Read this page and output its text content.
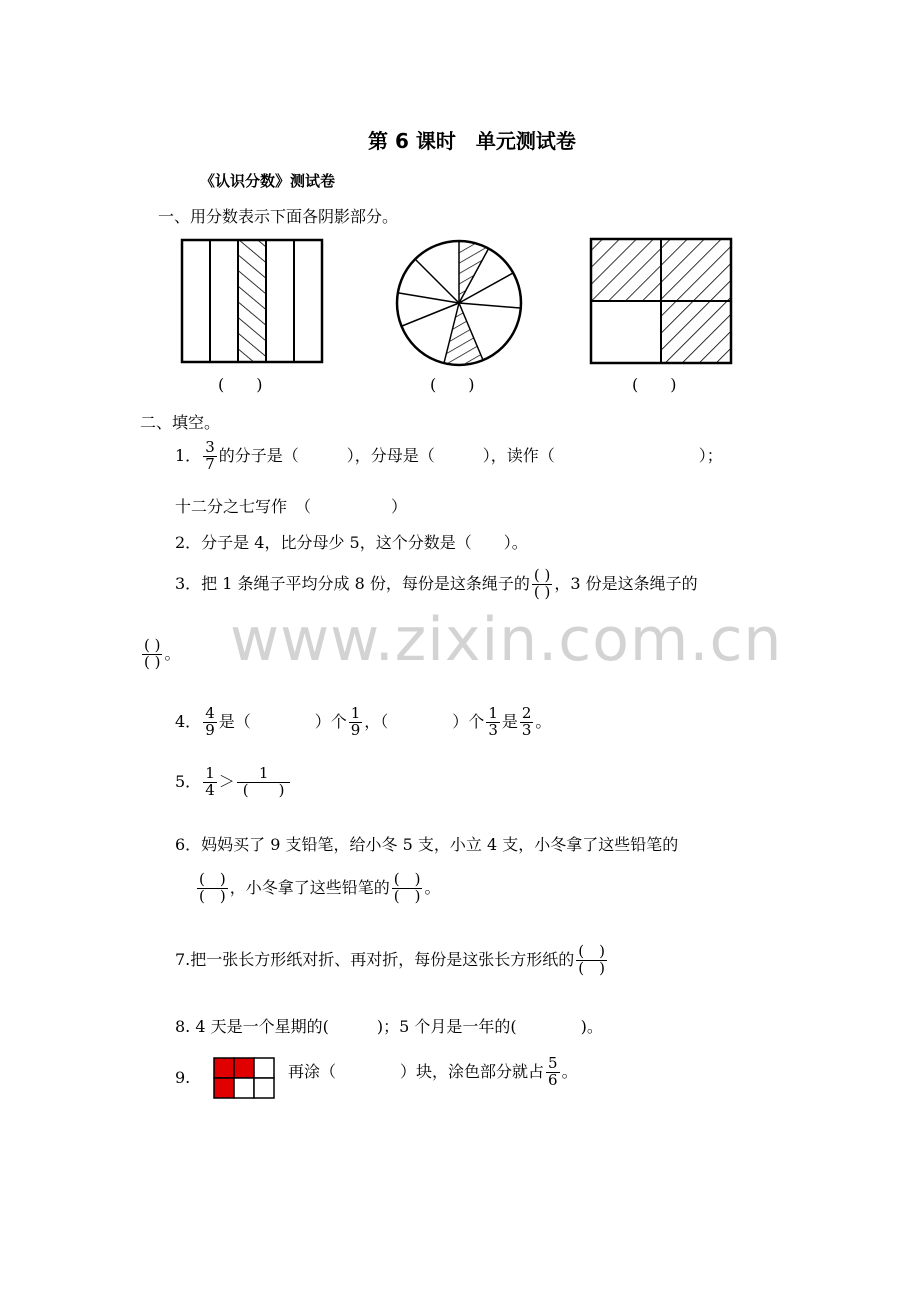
www.zixin.com.cn
第 6 课时　单元测试卷
《认识分数》测试卷
一、用分数表示下面各阴影部分。
(　　)	(　　)	(　　)
二、填空。
1． $\frac{3}{7}$ 的分子是（　　　），分母是（　　　），读作（　　　　　　　　　）；
十二分之七写作　（　　　　　）
2．分子是 4，比分母少 5，这个分数是（　　）。
3．把 1 条绳子平均分成 8 份，每份是这条绳子的 $\frac{( )}{( )}$ ，3 份是这条绳子的
$\frac{( )}{( )}$ 。
4． $\frac{4}{9}$ 是（　　　　）个 $\frac{1}{9}$ ，（　　　　）个 $\frac{1}{3}$ 是 $\frac{2}{3}$ 。
5． $\frac{1}{4} > \frac{1}{( )}$
6．妈妈买了 9 支铅笔，给小冬 5 支，小立 4 支，小冬拿了这些铅笔的
$\frac{( )}{( )}$ ，小冬拿了这些铅笔的 $\frac{( )}{( )}$ 。
7.把一张长方形纸对折、再对折，每份是这张长方形纸的 $\frac{( )}{( )}$
8. 4 天是一个星期的(　　　)；5 个月是一年的(　　　　)。
9.	再涂（　　　　）块，涂色部分就占 $\frac{5}{6}$ 。
